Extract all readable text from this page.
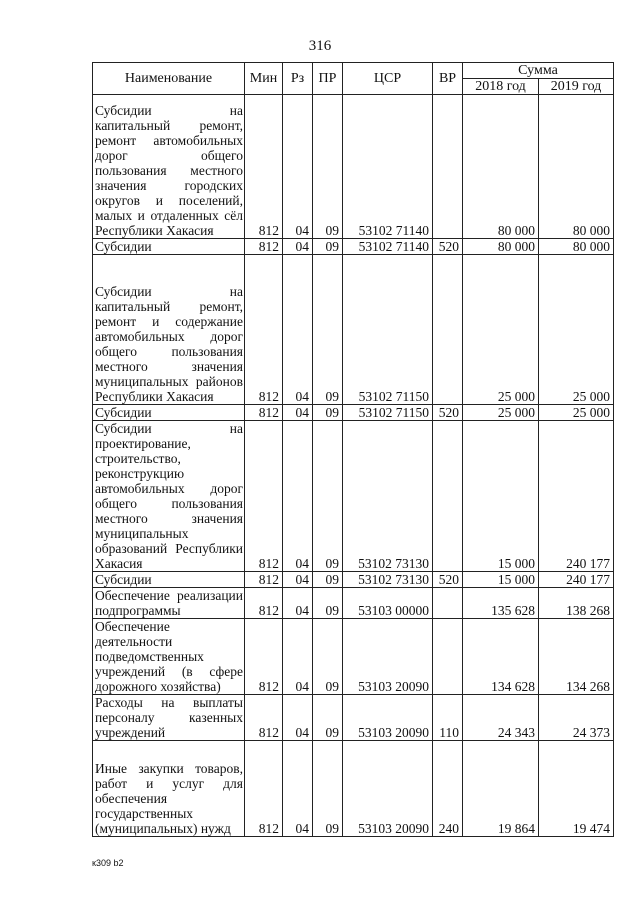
316
Наименование	Мин	Рз	ПР	ЦСР	ВР	Сумма	
						2018 год	2019 год
Субсидии на капитальный ремонт, ремонт автомобильных дорог общего пользования местного значения городских округов и поселений, малых и отдаленных сёл Республики Хакасия	812	04	09	53102 71140		80 000	80 000
Субсидии	812	04	09	53102 71140	520	80 000	80 000
Субсидии на капитальный ремонт, ремонт и содержание автомобильных дорог общего пользования местного значения муниципальных районов Республики Хакасия	812	04	09	53102 71150		25 000	25 000
Субсидии	812	04	09	53102 71150	520	25 000	25 000
Субсидии на проектирование, строительство, реконструкцию автомобильных дорог общего пользования местного значения муниципальных образований Республики Хакасия	812	04	09	53102 73130		15 000	240 177
Субсидии	812	04	09	53102 73130	520	15 000	240 177
Обеспечение реализации подпрограммы	812	04	09	53103 00000		135 628	138 268
Обеспечение деятельности подведомственных учреждений (в сфере дорожного хозяйства)	812	04	09	53103 20090		134 628	134 268
Расходы на выплаты персоналу казенных учреждений	812	04	09	53103 20090	110	24 343	24 373
Иные закупки товаров, работ и услуг для обеспечения государственных (муниципальных) нужд	812	04	09	53103 20090	240	19 864	19 474
к309 b2
